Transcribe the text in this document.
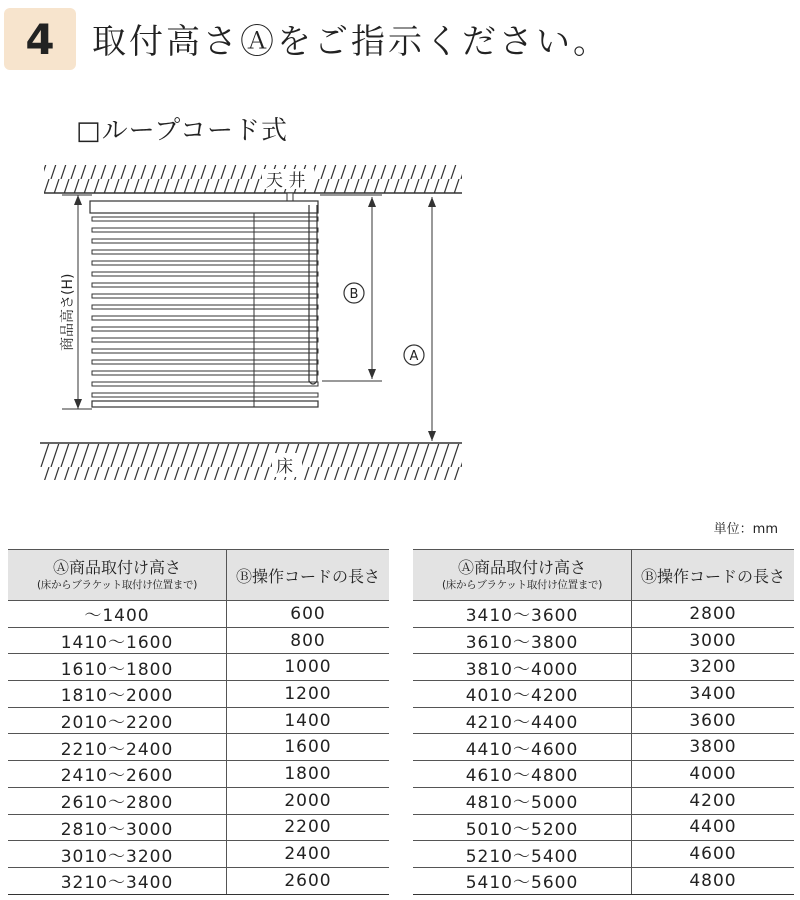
4 取付高さⒶをご指示ください。
□ループコード式
天 井
床
商品高さ(H)	B
A
単位：mm
Ⓐ商品取付け高さ
(床からブラケット取付け位置まで)	Ⓑ操作コードの長さ
～1400	600
1410～1600	800
1610～1800	1000
1810～2000	1200
2010～2200	1400
2210～2400	1600
2410～2600	1800
2610～2800	2000
2810～3000	2200
3010～3200	2400
3210～3400	2600
Ⓐ商品取付け高さ
(床からブラケット取付け位置まで)	Ⓑ操作コードの長さ
3410～3600	2800
3610～3800	3000
3810～4000	3200
4010～4200	3400
4210～4400	3600
4410～4600	3800
4610～4800	4000
4810～5000	4200
5010～5200	4400
5210～5400	4600
5410～5600	4800
